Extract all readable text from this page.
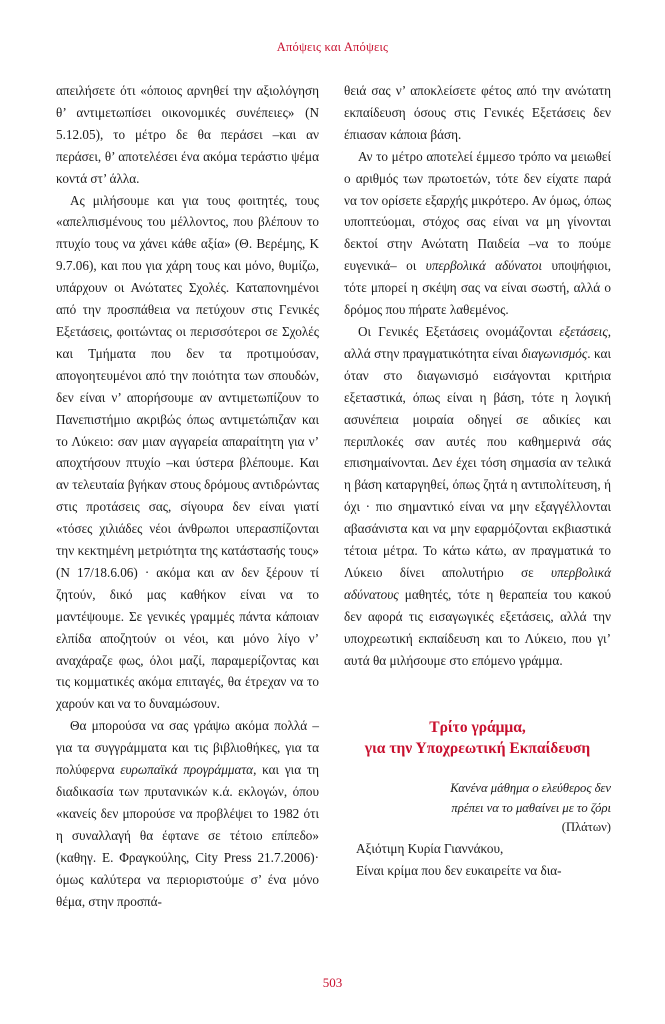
Απόψεις και Απόψεις

απειλήσετε ότι «όποιος αρνηθεί την αξιολόγηση θ’ αντιμετωπίσει οικονομικές συνέπειες» (Ν 5.12.05), το μέτρο δε θα περάσει –και αν περάσει, θ’ αποτελέσει ένα ακόμα τεράστιο ψέμα κοντά στ’ άλλα.

Ας μιλήσουμε και για τους φοιτητές, τους «απελπισμένους του μέλλοντος, που βλέπουν το πτυχίο τους να χάνει κάθε αξία» (Θ. Βερέμης, Κ 9.7.06), και που για χάρη τους και μόνο, θυμίζω, υπάρχουν οι Ανώτατες Σχολές. Καταπονημένοι από την προσπάθεια να πετύχουν στις Γενικές Εξετάσεις, φοιτώντας οι περισσότεροι σε Σχολές και Τμήματα που δεν τα προτιμούσαν, απογοητευμένοι από την ποιότητα των σπουδών, δεν είναι ν’ απορήσουμε αν αντιμετωπίζουν το Πανεπιστήμιο ακριβώς όπως αντιμετώπιζαν και το Λύκειο: σαν μιαν αγγαρεία απαραίτητη για ν’ αποχτήσουν πτυχίο –και ύστερα βλέπουμε. Και αν τελευταία βγήκαν στους δρόμους αντιδρώντας στις προτάσεις σας, σίγουρα δεν είναι γιατί «τόσες χιλιάδες νέοι άνθρωποι υπερασπίζονται την κεκτημένη μετριότητα της κατάστασής τους» (Ν 17/18.6.06) · ακόμα και αν δεν ξέρουν τί ζητούν, δικό μας καθήκον είναι να το μαντέψουμε. Σε γενικές γραμμές πάντα κάποιαν ελπίδα αποζητούν οι νέοι, και μόνο λίγο ν’ αναχάραζε φως, όλοι μαζί, παραμερίζοντας και τις κομματικές ακόμα επιταγές, θα έτρεχαν να το χαρούν και να το δυναμώσουν.

Θα μπορούσα να σας γράψω ακόμα πολλά –για τα συγγράμματα και τις βιβλιοθήκες, για τα πολύφερνα ευρωπαϊκά προγράμματα, και για τη διαδικασία των πρυτανικών κ.ά. εκλογών, όπου «κανείς δεν μπορούσε να προβλέψει το 1982 ότι η συναλλαγή θα έφτανε σε τέτοιο επίπεδο» (καθηγ. Ε. Φραγκούλης, City Press 21.7.2006)· όμως καλύτερα να περιοριστούμε σ’ ένα μόνο θέμα, στην προσπά-

θειά σας ν’ αποκλείσετε φέτος από την ανώτατη εκπαίδευση όσους στις Γενικές Εξετάσεις δεν έπιασαν κάποια βάση.

Αν το μέτρο αποτελεί έμμεσο τρόπο να μειωθεί ο αριθμός των πρωτοετών, τότε δεν είχατε παρά να τον ορίσετε εξαρχής μικρότερο. Αν όμως, όπως υποπτεύομαι, στόχος σας είναι να μη γίνονται δεκτοί στην Ανώτατη Παιδεία –να το πούμε ευγενικά– οι υπερβολικά αδύνατοι υποψήφιοι, τότε μπορεί η σκέψη σας να είναι σωστή, αλλά ο δρόμος που πήρατε λαθεμένος.

Οι Γενικές Εξετάσεις ονομάζονται εξετάσεις, αλλά στην πραγματικότητα είναι διαγωνισμός. και όταν στο διαγωνισμό εισάγονται κριτήρια εξεταστικά, όπως είναι η βάση, τότε η λογική ασυνέπεια μοιραία οδηγεί σε αδικίες και περιπλοκές σαν αυτές που καθημερινά σάς επισημαίνονται. Δεν έχει τόση σημασία αν τελικά η βάση καταργηθεί, όπως ζητά η αντιπολίτευση, ή όχι · πιο σημαντικό είναι να μην εξαγγέλλονται αβασάνιστα και να μην εφαρμόζονται εκβιαστικά τέτοια μέτρα. Το κάτω κάτω, αν πραγματικά το Λύκειο δίνει απολυτήριο σε υπερβολικά αδύνατους μαθητές, τότε η θεραπεία του κακού δεν αφορά τις εισαγωγικές εξετάσεις, αλλά την υποχρεωτική εκπαίδευση και το Λύκειο, που γι’ αυτά θα μιλήσουμε στο επόμενο γράμμα.

Τρίτο γράμμα,
για την Υποχρεωτική Εκπαίδευση
Κανένα μάθημα ο ελεύθερος δεν
πρέπει να το μαθαίνει με το ζόρι
(Πλάτων)

Αξιότιμη Κυρία Γιαννάκου,

Είναι κρίμα που δεν ευκαιρείτε να δια-

503
